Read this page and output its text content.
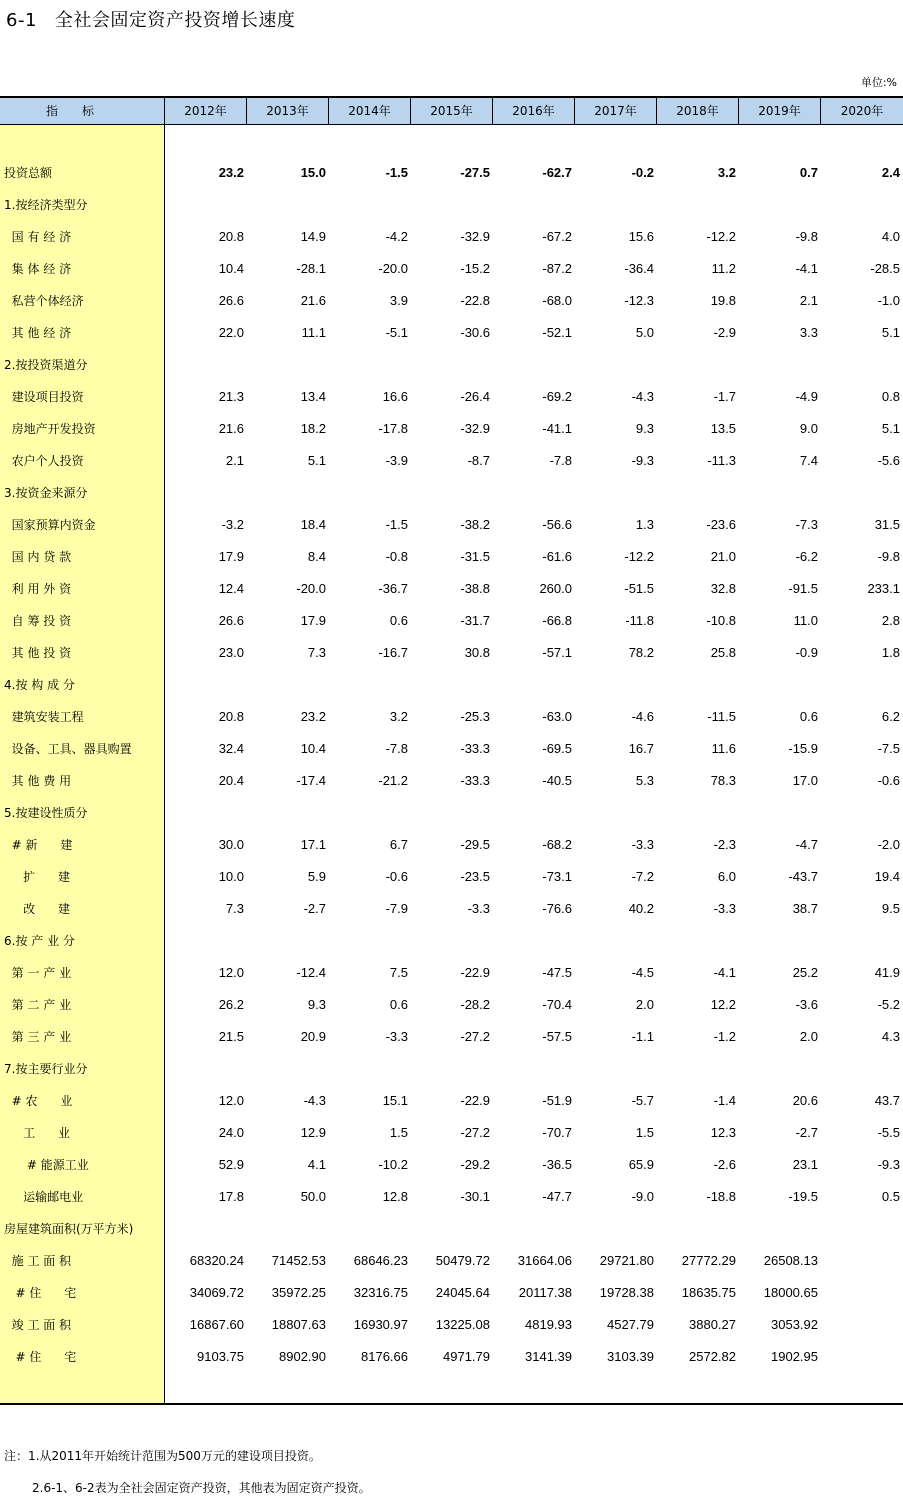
6-1 全社会固定资产投资增长速度
单位:%
指标	2012年	2013年	2014年	2015年	2016年	2017年	2018年	2019年	2020年
投资总额	23.2	15.0	-1.5	-27.5	-62.7	-0.2	3.2	0.7	2.4
1.按经济类型分
国 有 经 济	20.8	14.9	-4.2	-32.9	-67.2	15.6	-12.2	-9.8	4.0
集 体 经 济	10.4	-28.1	-20.0	-15.2	-87.2	-36.4	11.2	-4.1	-28.5
私营个体经济	26.6	21.6	3.9	-22.8	-68.0	-12.3	19.8	2.1	-1.0
其 他 经 济	22.0	11.1	-5.1	-30.6	-52.1	5.0	-2.9	3.3	5.1
2.按投资渠道分
建设项目投资	21.3	13.4	16.6	-26.4	-69.2	-4.3	-1.7	-4.9	0.8
房地产开发投资	21.6	18.2	-17.8	-32.9	-41.1	9.3	13.5	9.0	5.1
农户个人投资	2.1	5.1	-3.9	-8.7	-7.8	-9.3	-11.3	7.4	-5.6
3.按资金来源分
国家预算内资金	-3.2	18.4	-1.5	-38.2	-56.6	1.3	-23.6	-7.3	31.5
国 内 贷 款	17.9	8.4	-0.8	-31.5	-61.6	-12.2	21.0	-6.2	-9.8
利 用 外 资	12.4	-20.0	-36.7	-38.8	260.0	-51.5	32.8	-91.5	233.1
自 筹 投 资	26.6	17.9	0.6	-31.7	-66.8	-11.8	-10.8	11.0	2.8
其 他 投 资	23.0	7.3	-16.7	30.8	-57.1	78.2	25.8	-0.9	1.8
4.按 构 成 分
建筑安装工程	20.8	23.2	3.2	-25.3	-63.0	-4.6	-11.5	0.6	6.2
设备、工具、器具购置	32.4	10.4	-7.8	-33.3	-69.5	16.7	11.6	-15.9	-7.5
其 他 费 用	20.4	-17.4	-21.2	-33.3	-40.5	5.3	78.3	17.0	-0.6
5.按建设性质分
# 新      建	30.0	17.1	6.7	-29.5	-68.2	-3.3	-2.3	-4.7	-2.0
扩      建	10.0	5.9	-0.6	-23.5	-73.1	-7.2	6.0	-43.7	19.4
改      建	7.3	-2.7	-7.9	-3.3	-76.6	40.2	-3.3	38.7	9.5
6.按 产 业 分
第 一 产 业	12.0	-12.4	7.5	-22.9	-47.5	-4.5	-4.1	25.2	41.9
第 二 产 业	26.2	9.3	0.6	-28.2	-70.4	2.0	12.2	-3.6	-5.2
第 三 产 业	21.5	20.9	-3.3	-27.2	-57.5	-1.1	-1.2	2.0	4.3
7.按主要行业分
# 农      业	12.0	-4.3	15.1	-22.9	-51.9	-5.7	-1.4	20.6	43.7
工      业	24.0	12.9	1.5	-27.2	-70.7	1.5	12.3	-2.7	-5.5
# 能源工业	52.9	4.1	-10.2	-29.2	-36.5	65.9	-2.6	23.1	-9.3
运输邮电业	17.8	50.0	12.8	-30.1	-47.7	-9.0	-18.8	-19.5	0.5
房屋建筑面积(万平方米)
施 工 面 积	68320.24	71452.53	68646.23	50479.72	31664.06	29721.80	27772.29	26508.13
# 住      宅	34069.72	35972.25	32316.75	24045.64	20117.38	19728.38	18635.75	18000.65
竣 工 面 积	16867.60	18807.63	16930.97	13225.08	4819.93	4527.79	3880.27	3053.92
# 住      宅	9103.75	8902.90	8176.66	4971.79	3141.39	3103.39	2572.82	1902.95
注：1.从2011年开始统计范围为500万元的建设项目投资。
2.6-1、6-2表为全社会固定资产投资，其他表为固定资产投资。
